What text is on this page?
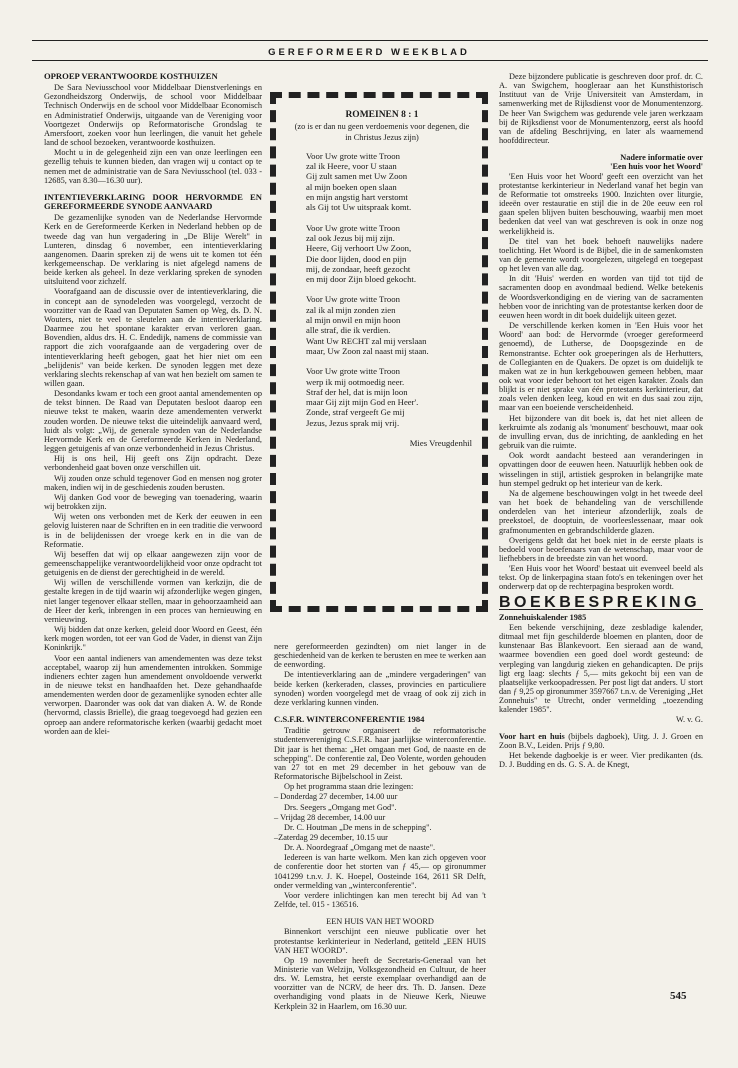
GEREFORMEERD WEEKBLAD
OPROEP VERANTWOORDE KOSTHUIZEN

De Sara Neviusschool voor Middelbaar Dienstverlenings en Gezondheidszorg Onderwijs, de school voor Middelbaar Technisch Onderwijs en de school voor Middelbaar Economisch en Administratief Onderwijs, uitgaande van de Vereniging voor Voortgezet Onderwijs op Reformatorische Grondslag te Amersfoort, zoeken voor hun leerlingen, die vanuit het gehele land de school bezoeken, verantwoorde kosthuizen.

Mocht u in de gelegenheid zijn een van onze leerlingen een gezellig tehuis te kunnen bieden, dan vragen wij u contact op te nemen met de administratie van de Sara Neviusschool (tel. 033 - 12685, van 8.30—16.30 uur).

INTENTIEVERKLARING DOOR HERVORMDE EN GEREFORMEERDE SYNODE AANVAARD

De gezamenlijke synoden van de Nederlandse Hervormde Kerk en de Gereformeerde Kerken in Nederland hebben op de tweede dag van hun vergadering in „De Blije Werelt" in Lunteren, dinsdag 6 november, een intentieverklaring aangenomen. Daarin spreken zij de wens uit te komen tot één kerkgemeenschap. De verklaring is niet afgelegd namens de beide kerken als geheel. In deze verklaring spreken de synoden uitsluitend voor zichzelf.

Voorafgaand aan de discussie over de intentieverklaring, die in concept aan de synodeleden was voorgelegd, verzocht de voorzitter van de Raad van Deputaten Samen op Weg, ds. D. N. Wouters, niet te veel te sleutelen aan de intentieverklaring. Daarmee zou het spontane karakter ervan verloren gaan. Bovendien, aldus drs. H. C. Endedijk, namens de commissie van rapport die zich voorafgaande aan de vergadering over de intentieverklaring heeft gebogen, gaat het hier niet om een „belijdenis" van beide kerken. De synoden leggen met deze verklaring slechts rekenschap af van wat hen bezielt om samen te willen gaan.

Desondanks kwam er toch een groot aantal amendementen op de tekst binnen. De Raad van Deputaten besloot daarop een nieuwe tekst te maken, waarin deze amendementen verwerkt zouden worden. De nieuwe tekst die uiteindelijk aanvaard werd, luidt als volgt: „Wij, de generale synoden van de Nederlandse Hervormde Kerk en de Gereformeerde Kerken in Nederland, leggen getuigenis af van onze verbondenheid in Jezus Christus.

Hij is ons heil, Hij geeft ons Zijn opdracht. Deze verbondenheid gaat boven onze verschillen uit.

Wij zouden onze schuld tegenover God en mensen nog groter maken, indien wij in de geschiedenis zouden berusten.

Wij danken God voor de beweging van toenadering, waarin wij betrokken zijn.

Wij weten ons verbonden met de Kerk der eeuwen in een gelovig luisteren naar de Schriften en in een traditie die verwoord is in de belijdenissen der vroege kerk en in die van de Reformatie.

Wij beseffen dat wij op elkaar aangewezen zijn voor de gemeenschappelijke verantwoordelijkheid voor onze opdracht tot getuigenis en de dienst der gerechtigheid in de wereld.

Wij willen de verschillende vormen van kerkzijn, die de gestalte kregen in de tijd waarin wij afzonderlijke wegen gingen, niet langer tegenover elkaar stellen, maar in gehoorzaamheid aan de Heer der kerk, inbrengen in een proces van hernieuwing en vernieuwing.

Wij bidden dat onze kerken, geleid door Woord en Geest, één kerk mogen worden, tot eer van God de Vader, in dienst van Zijn Koninkrijk."

Voor een aantal indieners van amendementen was deze tekst acceptabel, waarop zij hun amendementen introkken. Sommige indieners echter zagen hun amendement onvoldoende verwerkt in de nieuwe tekst en handhaafden het. Deze gehandhaafde amendementen werden door de gezamenlijke synoden echter alle verworpen. Daaronder was ook dat van diaken A. W. de Ronde (hervormd, classis Brielle), die graag toegevoegd had gezien een oproep aan andere reformatorische kerken (waarbij gedacht moet worden aan de klei-

ROMEINEN 8 : 1
(zo is er dan nu geen verdoemenis voor degenen, die in Christus Jezus zijn)
Voor Uw grote witte Troon
zal ik Heere, voor U staan
Gij zult samen met Uw Zoon
al mijn boeken open slaan
en mijn angstig hart verstomt
als Gij tot Uw uitspraak komt.
Voor Uw grote witte Troon
zal ook Jezus bij mij zijn.
Heere, Gij verhoort Uw Zoon,
Die door lijden, dood en pijn
mij, de zondaar, heeft gezocht
en mij door Zijn bloed gekocht.
Voor Uw grote witte Troon
zal ik al mijn zonden zien
al mijn onwil en mijn hoon
alle straf, die ik verdien.
Want Uw RECHT zal mij verslaan
maar, Uw Zoon zal naast mij staan.
Voor Uw grote witte Troon
werp ik mij ootmoedig neer.
Straf der hel, dat is mijn loon
maar Gij zijt mijn God en Heer'.
Zonde, straf vergeeft Ge mij
Jezus, Jezus sprak mij vrij.
Mies Vreugdenhil

nere gereformeerden gezindten) om niet langer in de geschiedenheid van de kerken te berusten en mee te werken aan de eenwording.

De intentieverklaring aan de „mindere vergaderingen" van beide kerken (kerkeraden, classes, provincies en particuliere synoden) worden voorgelegd met de vraag of ook zij zich in deze verklaring kunnen vinden.

C.S.F.R. WINTERCONFERENTIE 1984

Traditie getrouw organiseert de reformatorische studentenvereniging C.S.F.R. haar jaarlijkse winterconferentie. Dit jaar is het thema: „Het omgaan met God, de naaste en de schepping". De conferentie zal, Deo Volente, worden gehouden van 27 tot en met 29 december in het gebouw van de Reformatorische Bijbelschool in Zeist.

Op het programma staan drie lezingen:

– Donderdag 27 december, 14.00 uur

Drs. Seegers „Omgang met God".

– Vrijdag 28 december, 14.00 uur

Dr. C. Houtman „De mens in de schepping".

–Zaterdag 29 december, 10.15 uur

Dr. A. Noordegraaf „Omgang met de naaste".

Iedereen is van harte welkom. Men kan zich opgeven voor de conferentie door het storten van ƒ 45,— op gironummer 1041299 t.n.v. J. K. Hoepel, Oosteinde 164, 2611 SR Delft, onder vermelding van „winterconferentie".

Voor verdere inlichtingen kan men terecht bij Ad van 't Zelfde, tel. 015 - 136516.

EEN HUIS VAN HET WOORD

Binnenkort verschijnt een nieuwe publicatie over het protestantse kerkinterieur in Nederland, getiteld „EEN HUIS VAN HET WOORD".

Op 19 november heeft de Secretaris-Generaal van het Ministerie van Welzijn, Volksgezondheid en Cultuur, de heer drs. W. Lemstra, het eerste exemplaar overhandigd aan de voorzitter van de NCRV, de heer drs. Th. D. Jansen. Deze overhandiging vond plaats in de Nieuwe Kerk, Nieuwe Kerkplein 32 in Haarlem, om 16.30 uur.

Deze bijzondere publicatie is geschreven door prof. dr. C. A. van Swigchem, hoogleraar aan het Kunsthistorisch Instituut van de Vrije Universiteit van Amsterdam, in samenwerking met de Rijksdienst voor de Monumentenzorg. De heer Van Swigchem was gedurende vele jaren werkzaam bij de Rijksdienst voor de Monumentenzorg, eerst als hoofd van de afdeling Beschrijving, en later als waarnemend hoofddirecteur.

Nadere informatie over
'Een huis voor het Woord'

'Een Huis voor het Woord' geeft een overzicht van het protestantse kerkinterieur in Nederland vanaf het begin van de Reformatie tot omstreeks 1900. Inzichten over liturgie, ideeën over restauratie en stijl die in de 20e eeuw een rol gaan spelen blijven buiten beschouwing, waarbij men moet bedenken dat veel van wat geschreven is ook in onze nog werkelijkheid is.

De titel van het boek behoeft nauwelijks nadere toelichting. Het Woord is de Bijbel, die in de samenkomsten van de gemeente wordt voorgelezen, uitgelegd en toegepast op het leven van alle dag.

In dit 'Huis' werden en worden van tijd tot tijd de sacramenten doop en avondmaal bediend. Welke betekenis de Woordsverkondiging en de viering van de sacramenten hebben voor de inrichting van de protestantse kerken door de eeuwen heen wordt in dit boek duidelijk uiteen gezet.

De verschillende kerken komen in 'Een Huis voor het Woord' aan bod: de Hervormde (vroeger gereformeerd genoemd), de Lutherse, de Doopsgezinde en de Remonstrantse. Echter ook groeperingen als de Herhutters, de Collegianten en de Quakers. De opzet is om duidelijk te maken wat ze in hun kerkgebouwen gemeen hebben, maar ook wat voor ieder behoort tot het eigen karakter. Zoals dan blijkt is er niet sprake van één protestants kerkinterieur, dat zoals velen denken leeg, koud en wit en dus saai zou zijn, maar van een boeiende verscheidenheid.

Het bijzondere van dit boek is, dat het niet alleen de kerkruimte als zodanig als 'monument' beschouwt, maar ook de invulling ervan, dus de inrichting, de aankleding en het gebruik van die ruimte.

Ook wordt aandacht besteed aan veranderingen in opvattingen door de eeuwen heen. Natuurlijk hebben ook de wisselingen in stijl, artistiek gesproken in belangrijke mate hun stempel gedrukt op het interieur van de kerk.

Na de algemene beschouwingen volgt in het tweede deel van het boek de behandeling van de verschillende onderdelen van het interieur afzonderlijk, zoals de preekstoel, de dooptuin, de voorleeslessenaar, maar ook grafmonumenten en gebrandschilderde glazen.

Overigens geldt dat het boek niet in de eerste plaats is bedoeld voor beoefenaars van de wetenschap, maar voor de liefhebbers in de breedste zin van het woord.

'Een Huis voor het Woord' bestaat uit evenveel beeld als tekst. Op de linkerpagina staan foto's en tekeningen over het onderwerp dat op de rechterpagina besproken wordt.

BOEKBESPREKING

Zonnehuiskalender 1985

Een bekende verschijning, deze zesbladige kalender, ditmaal met fijn geschilderde bloemen en planten, door de kunstenaar Bas Blankevoort. Een sieraad aan de wand, waarmee bovendien een goed doel wordt gesteund: de verpleging van langdurig zieken en gehandicapten. De prijs ligt erg laag: slechts ƒ 5,— mits gekocht bij een van de plaatselijke verkoopadressen. Per post ligt dat anders. U stort dan ƒ 9,25 op gironummer 3597667 t.n.v. de Vereniging „Het Zonnehuis" te Utrecht, onder vermelding „toezending kalender 1985".

W. v. G.

Voor hart en huis (bijbels dagboek), Uitg. J. J. Groen en Zoon B.V., Leiden. Prijs ƒ 9,80.

Het bekende dagboekje is er weer. Vier predikanten (ds. D. J. Budding en ds. G. S. A. de Knegt,

545
